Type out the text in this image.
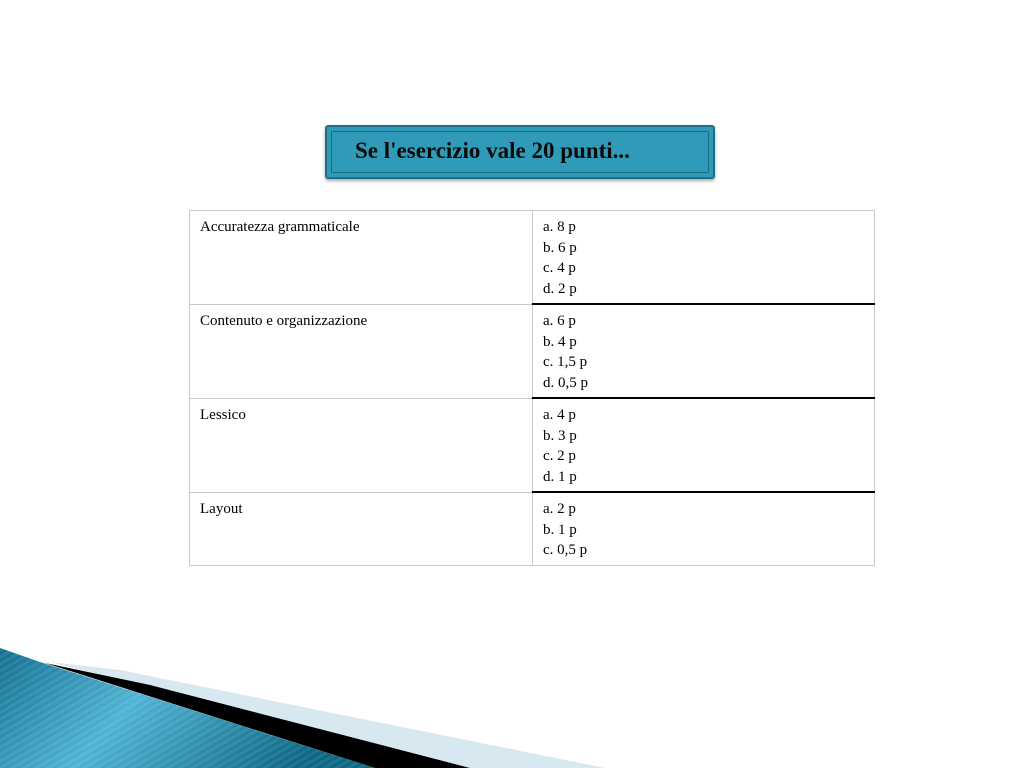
Se l'esercizio vale 20 punti...
Accuratezza grammaticale	a. 8 p
b. 6 p
c. 4 p
d. 2 p

Contenuto e organizzazione	a. 6 p
b. 4 p
c. 1,5 p
d. 0,5 p

Lessico	a. 4 p
b. 3 p
c. 2 p
d. 1 p

Layout	a. 2 p
b. 1 p
c. 0,5 p
